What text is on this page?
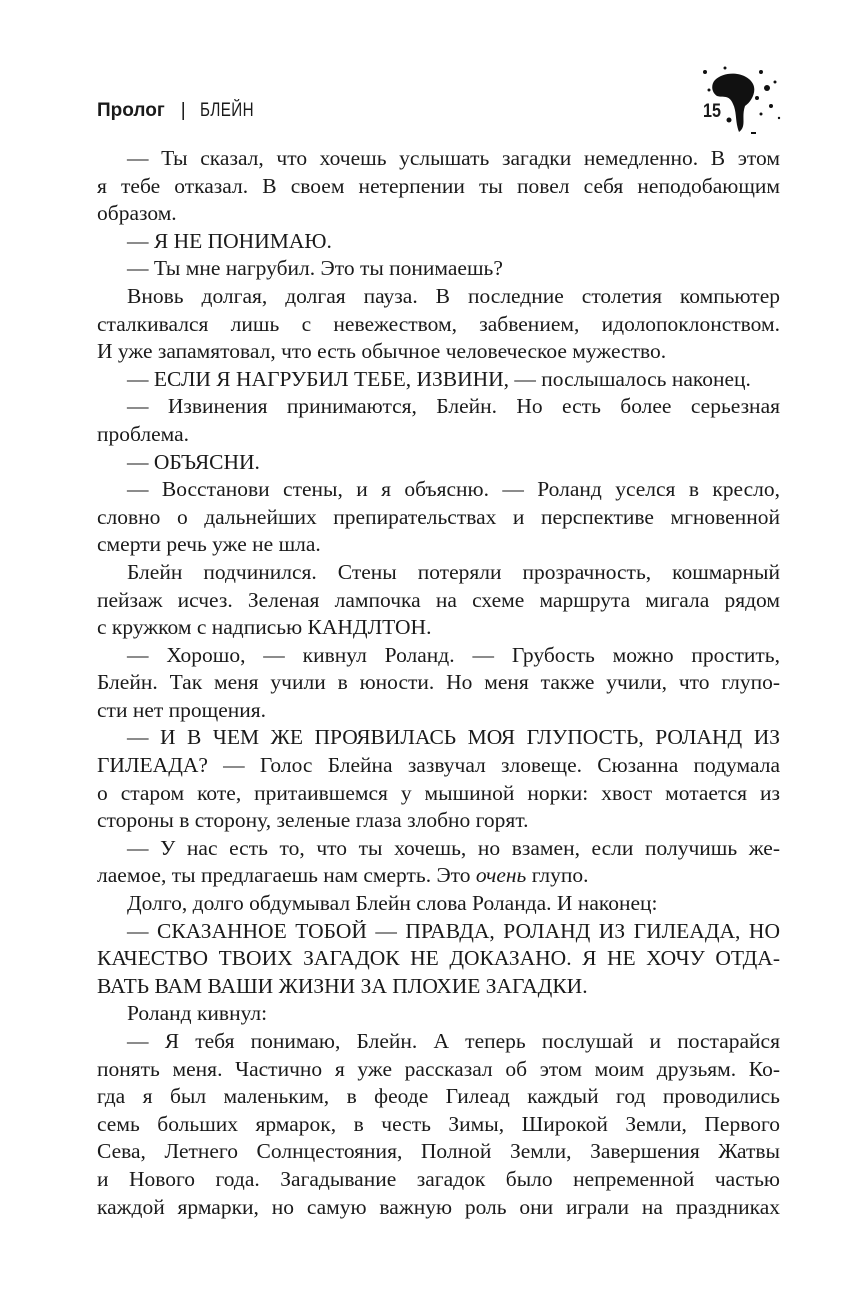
Пролог | БЛЕЙН	15
— Ты сказал, что хочешь услышать загадки немедленно. В этом
я тебе отказал. В своем нетерпении ты повел себя неподобающим
образом.
— Я НЕ ПОНИМАЮ.
— Ты мне нагрубил. Это ты понимаешь?
Вновь долгая, долгая пауза. В последние столетия компьютер
сталкивался лишь с невежеством, забвением, идолопоклонством.
И уже запамятовал, что есть обычное человеческое мужество.
— ЕСЛИ Я НАГРУБИЛ ТЕБЕ, ИЗВИНИ, — послышалось наконец.
— Извинения принимаются, Блейн. Но есть более серьезная
проблема.
— ОБЪЯСНИ.
— Восстанови стены, и я объясню. — Роланд уселся в кресло,
словно о дальнейших препирательствах и перспективе мгновенной
смерти речь уже не шла.
Блейн подчинился. Стены потеряли прозрачность, кошмарный
пейзаж исчез. Зеленая лампочка на схеме маршрута мигала рядом
с кружком с надписью КАНДЛТОН.
— Хорошо, — кивнул Роланд. — Грубость можно простить,
Блейн. Так меня учили в юности. Но меня также учили, что глупо-
сти нет прощения.
— И В ЧЕМ ЖЕ ПРОЯВИЛАСЬ МОЯ ГЛУПОСТЬ, РОЛАНД ИЗ
ГИЛЕАДА? — Голос Блейна зазвучал зловеще. Сюзанна подумала
о старом коте, притаившемся у мышиной норки: хвост мотается из
стороны в сторону, зеленые глаза злобно горят.
— У нас есть то, что ты хочешь, но взамен, если получишь же-
лаемое, ты предлагаешь нам смерть. Это очень глупо.
Долго, долго обдумывал Блейн слова Роланда. И наконец:
— СКАЗАННОЕ ТОБОЙ — ПРАВДА, РОЛАНД ИЗ ГИЛЕАДА, НО
КАЧЕСТВО ТВОИХ ЗАГАДОК НЕ ДОКАЗАНО. Я НЕ ХОЧУ ОТДА-
ВАТЬ ВАМ ВАШИ ЖИЗНИ ЗА ПЛОХИЕ ЗАГАДКИ.
Роланд кивнул:
— Я тебя понимаю, Блейн. А теперь послушай и постарайся
понять меня. Частично я уже рассказал об этом моим друзьям. Ко-
гда я был маленьким, в феоде Гилеад каждый год проводились
семь больших ярмарок, в честь Зимы, Широкой Земли, Первого
Сева, Летнего Солнцестояния, Полной Земли, Завершения Жатвы
и Нового года. Загадывание загадок было непременной частью
каждой ярмарки, но самую важную роль они играли на праздниках
